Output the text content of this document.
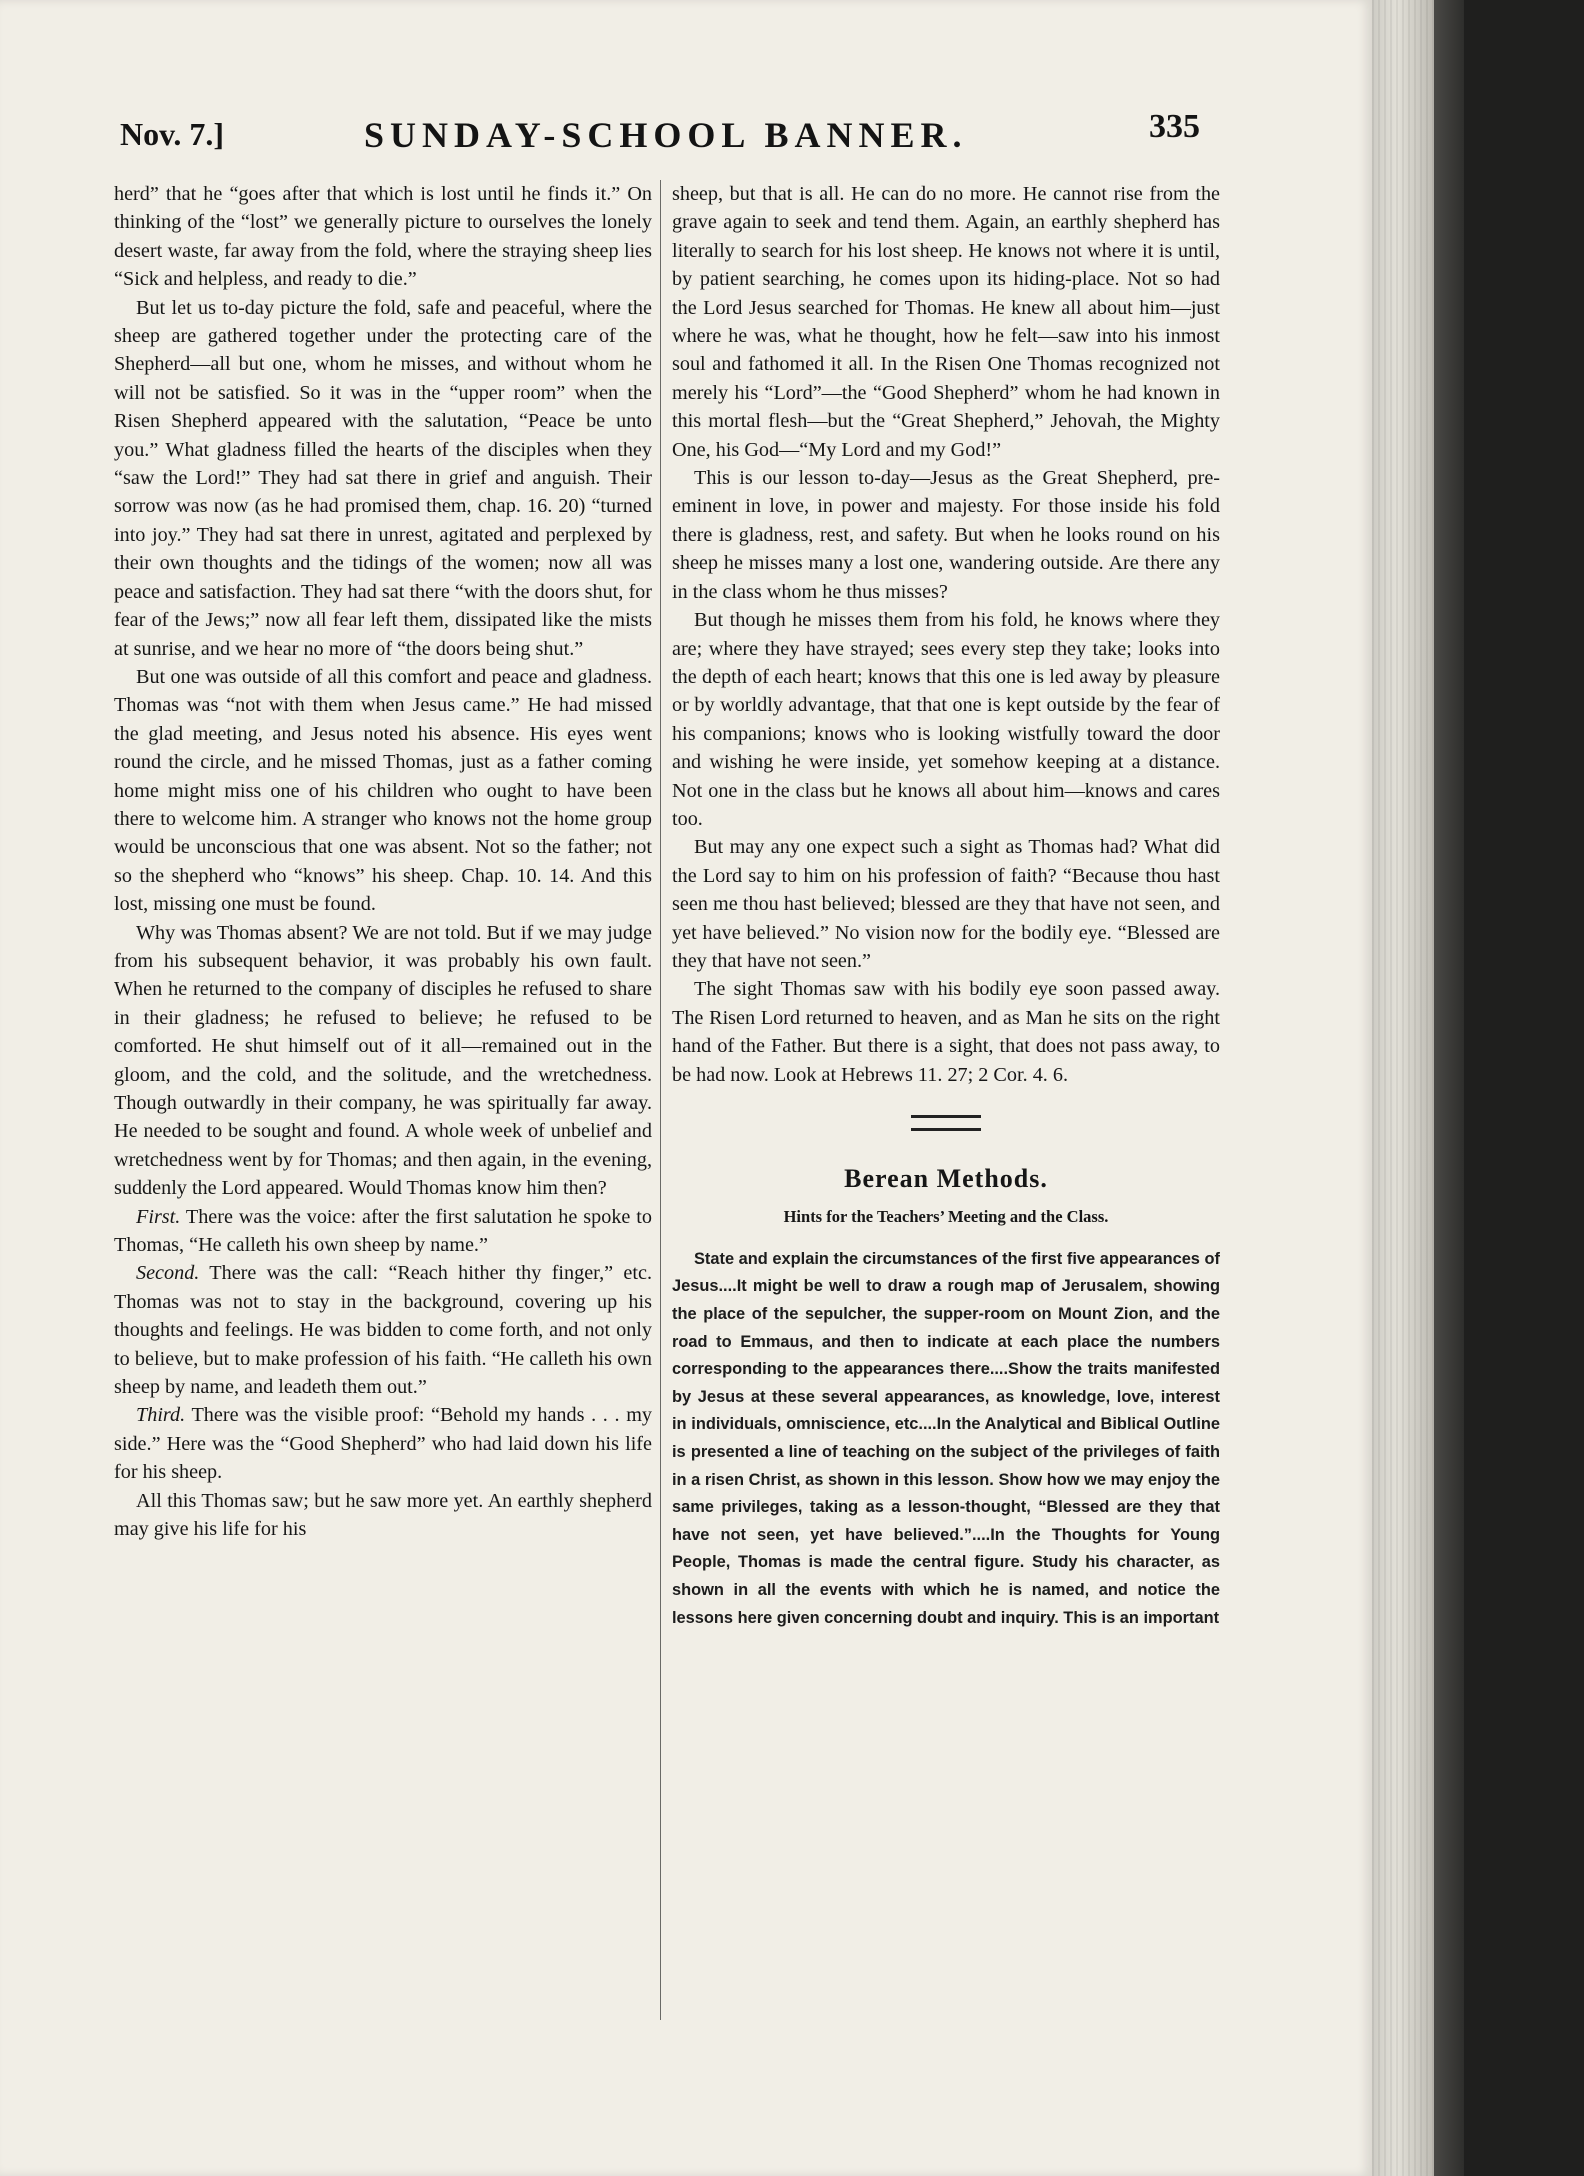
Nov. 7.]	SUNDAY-SCHOOL BANNER.	335

herd” that he “goes after that which is lost until he finds it.” On thinking of the “lost” we generally picture to ourselves the lonely desert waste, far away from the fold, where the straying sheep lies “Sick and helpless, and ready to die.”

But let us to-day picture the fold, safe and peaceful, where the sheep are gathered together under the protecting care of the Shepherd—all but one, whom he misses, and without whom he will not be satisfied. So it was in the “upper room” when the Risen Shepherd appeared with the salutation, “Peace be unto you.” What gladness filled the hearts of the disciples when they “saw the Lord!” They had sat there in grief and anguish. Their sorrow was now (as he had promised them, chap. 16. 20) “turned into joy.” They had sat there in unrest, agitated and perplexed by their own thoughts and the tidings of the women; now all was peace and satisfaction. They had sat there “with the doors shut, for fear of the Jews;” now all fear left them, dissipated like the mists at sunrise, and we hear no more of “the doors being shut.”

But one was outside of all this comfort and peace and gladness. Thomas was “not with them when Jesus came.” He had missed the glad meeting, and Jesus noted his absence. His eyes went round the circle, and he missed Thomas, just as a father coming home might miss one of his children who ought to have been there to welcome him. A stranger who knows not the home group would be unconscious that one was absent. Not so the father; not so the shepherd who “knows” his sheep. Chap. 10. 14. And this lost, missing one must be found.

Why was Thomas absent? We are not told. But if we may judge from his subsequent behavior, it was probably his own fault. When he returned to the company of disciples he refused to share in their gladness; he refused to believe; he refused to be comforted. He shut himself out of it all—remained out in the gloom, and the cold, and the solitude, and the wretchedness. Though outwardly in their company, he was spiritually far away. He needed to be sought and found. A whole week of unbelief and wretchedness went by for Thomas; and then again, in the evening, suddenly the Lord appeared. Would Thomas know him then?

First. There was the voice: after the first salutation he spoke to Thomas, “He calleth his own sheep by name.”

Second. There was the call: “Reach hither thy finger,” etc. Thomas was not to stay in the background, covering up his thoughts and feelings. He was bidden to come forth, and not only to believe, but to make profession of his faith. “He calleth his own sheep by name, and leadeth them out.”

Third. There was the visible proof: “Behold my hands . . . my side.” Here was the “Good Shepherd” who had laid down his life for his sheep.

All this Thomas saw; but he saw more yet. An earthly shepherd may give his life for his

sheep, but that is all. He can do no more. He cannot rise from the grave again to seek and tend them. Again, an earthly shepherd has literally to search for his lost sheep. He knows not where it is until, by patient searching, he comes upon its hiding-place. Not so had the Lord Jesus searched for Thomas. He knew all about him—just where he was, what he thought, how he felt—saw into his inmost soul and fathomed it all. In the Risen One Thomas recognized not merely his “Lord”—the “Good Shepherd” whom he had known in this mortal flesh—but the “Great Shepherd,” Jehovah, the Mighty One, his God—“My Lord and my God!”

This is our lesson to-day—Jesus as the Great Shepherd, pre-eminent in love, in power and majesty. For those inside his fold there is gladness, rest, and safety. But when he looks round on his sheep he misses many a lost one, wandering outside. Are there any in the class whom he thus misses?

But though he misses them from his fold, he knows where they are; where they have strayed; sees every step they take; looks into the depth of each heart; knows that this one is led away by pleasure or by worldly advantage, that that one is kept outside by the fear of his companions; knows who is looking wistfully toward the door and wishing he were inside, yet somehow keeping at a distance. Not one in the class but he knows all about him—knows and cares too.

But may any one expect such a sight as Thomas had? What did the Lord say to him on his profession of faith? “Because thou hast seen me thou hast believed; blessed are they that have not seen, and yet have believed.” No vision now for the bodily eye. “Blessed are they that have not seen.”

The sight Thomas saw with his bodily eye soon passed away. The Risen Lord returned to heaven, and as Man he sits on the right hand of the Father. But there is a sight, that does not pass away, to be had now. Look at Hebrews 11. 27; 2 Cor. 4. 6.

Berean Methods.
Hints for the Teachers’ Meeting and the Class.

State and explain the circumstances of the first five appearances of Jesus....It might be well to draw a rough map of Jerusalem, showing the place of the sepulcher, the supper-room on Mount Zion, and the road to Emmaus, and then to indicate at each place the numbers corresponding to the appearances there....Show the traits manifested by Jesus at these several appearances, as knowledge, love, interest in individuals, omniscience, etc....In the Analytical and Biblical Outline is presented a line of teaching on the subject of the privileges of faith in a risen Christ, as shown in this lesson. Show how we may enjoy the same privileges, taking as a lesson-thought, “Blessed are they that have not seen, yet have believed.”....In the Thoughts for Young People, Thomas is made the central figure. Study his character, as shown in all the events with which he is named, and notice the lessons here given concerning doubt and inquiry. This is an important
